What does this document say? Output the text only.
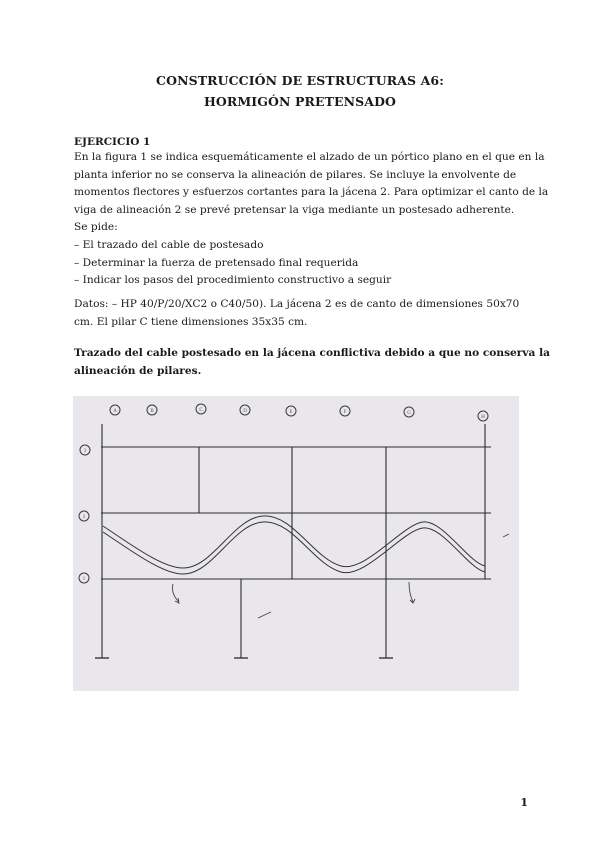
CONSTRUCCIÓN DE ESTRUCTURAS A6:
HORMIGÓN PRETENSADO
EJERCICIO 1
En la figura 1 se indica esquemáticamente el alzado de un pórtico plano en el que en la
planta inferior no se conserva la alineación de pilares. Se incluye la envolvente de
momentos flectores y esfuerzos cortantes para la jácena 2. Para optimizar el canto de la
viga de alineación 2 se prevé pretensar la viga mediante un postesado adherente.
Se pide:
– El trazado del cable de postesado
– Determinar la fuerza de pretensado final requerida
– Indicar los pasos del procedimiento constructivo a seguir
Datos: – HP 40/P/20/XC2 o C40/50). La jácena 2 es de canto de dimensiones 50x70
cm. El pilar C tiene dimensiones 35x35 cm.
Trazado del cable postesado en la jácena conflictiva debido a que no conserva la
alineación de pilares.
A	B	C	D	E	F	G
H
3
2
1
1
